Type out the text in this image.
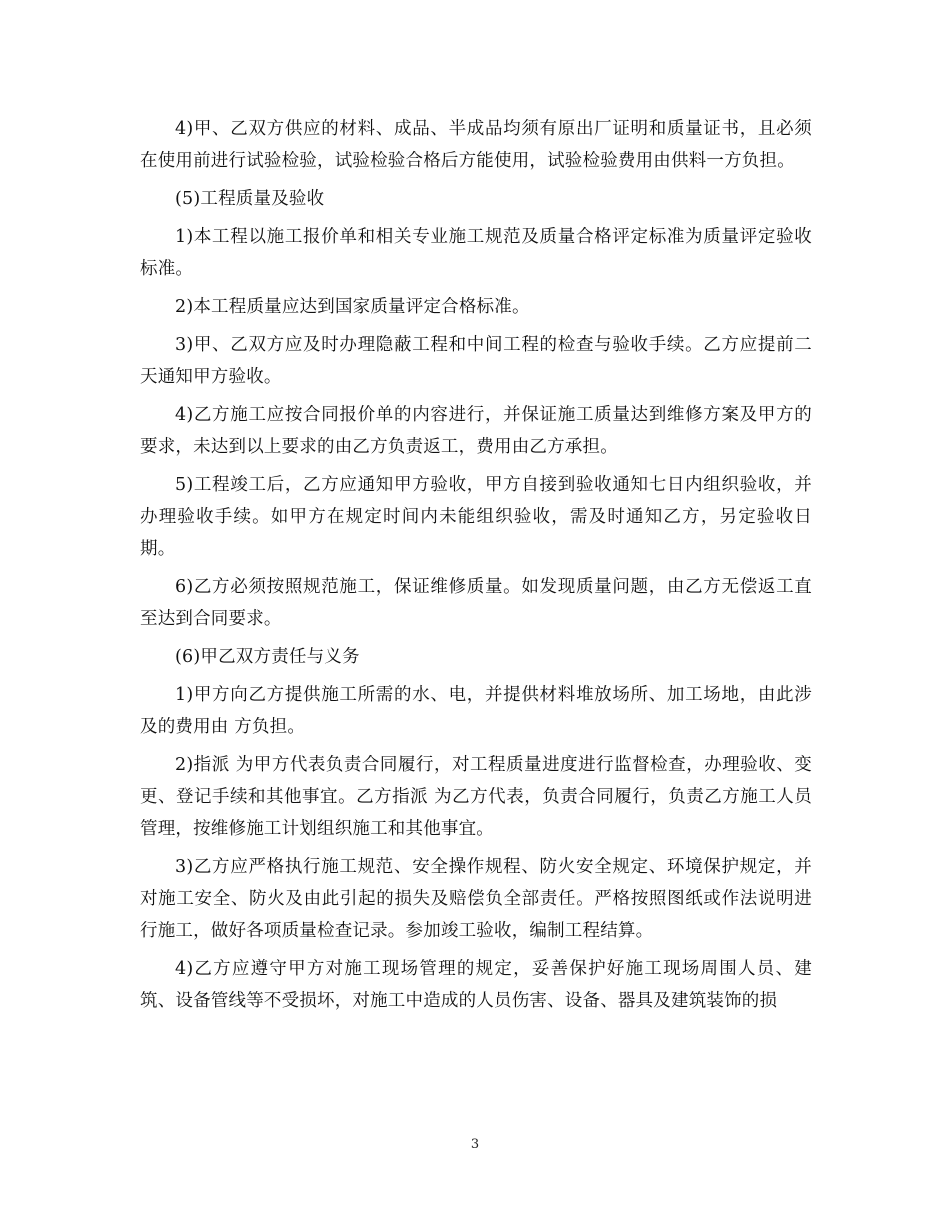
4)甲、乙双方供应的材料、成品、半成品均须有原出厂证明和质量证书，且必须在使用前进行试验检验，试验检验合格后方能使用，试验检验费用由供料一方负担。

(5)工程质量及验收

1)本工程以施工报价单和相关专业施工规范及质量合格评定标准为质量评定验收标准。

2)本工程质量应达到国家质量评定合格标准。

3)甲、乙双方应及时办理隐蔽工程和中间工程的检查与验收手续。乙方应提前二天通知甲方验收。

4)乙方施工应按合同报价单的内容进行，并保证施工质量达到维修方案及甲方的要求，未达到以上要求的由乙方负责返工，费用由乙方承担。

5)工程竣工后，乙方应通知甲方验收，甲方自接到验收通知七日内组织验收，并办理验收手续。如甲方在规定时间内未能组织验收，需及时通知乙方，另定验收日期。

6)乙方必须按照规范施工，保证维修质量。如发现质量问题，由乙方无偿返工直至达到合同要求。

(6)甲乙双方责任与义务

1)甲方向乙方提供施工所需的水、电，并提供材料堆放场所、加工场地，由此涉及的费用由 方负担。

2)指派 为甲方代表负责合同履行，对工程质量进度进行监督检查，办理验收、变更、登记手续和其他事宜。乙方指派 为乙方代表，负责合同履行，负责乙方施工人员管理，按维修施工计划组织施工和其他事宜。

3)乙方应严格执行施工规范、安全操作规程、防火安全规定、环境保护规定，并对施工安全、防火及由此引起的损失及赔偿负全部责任。严格按照图纸或作法说明进行施工，做好各项质量检查记录。参加竣工验收，编制工程结算。

4)乙方应遵守甲方对施工现场管理的规定，妥善保护好施工现场周围人员、建筑、设备管线等不受损坏，对施工中造成的人员伤害、设备、器具及建筑装饰的损

3
